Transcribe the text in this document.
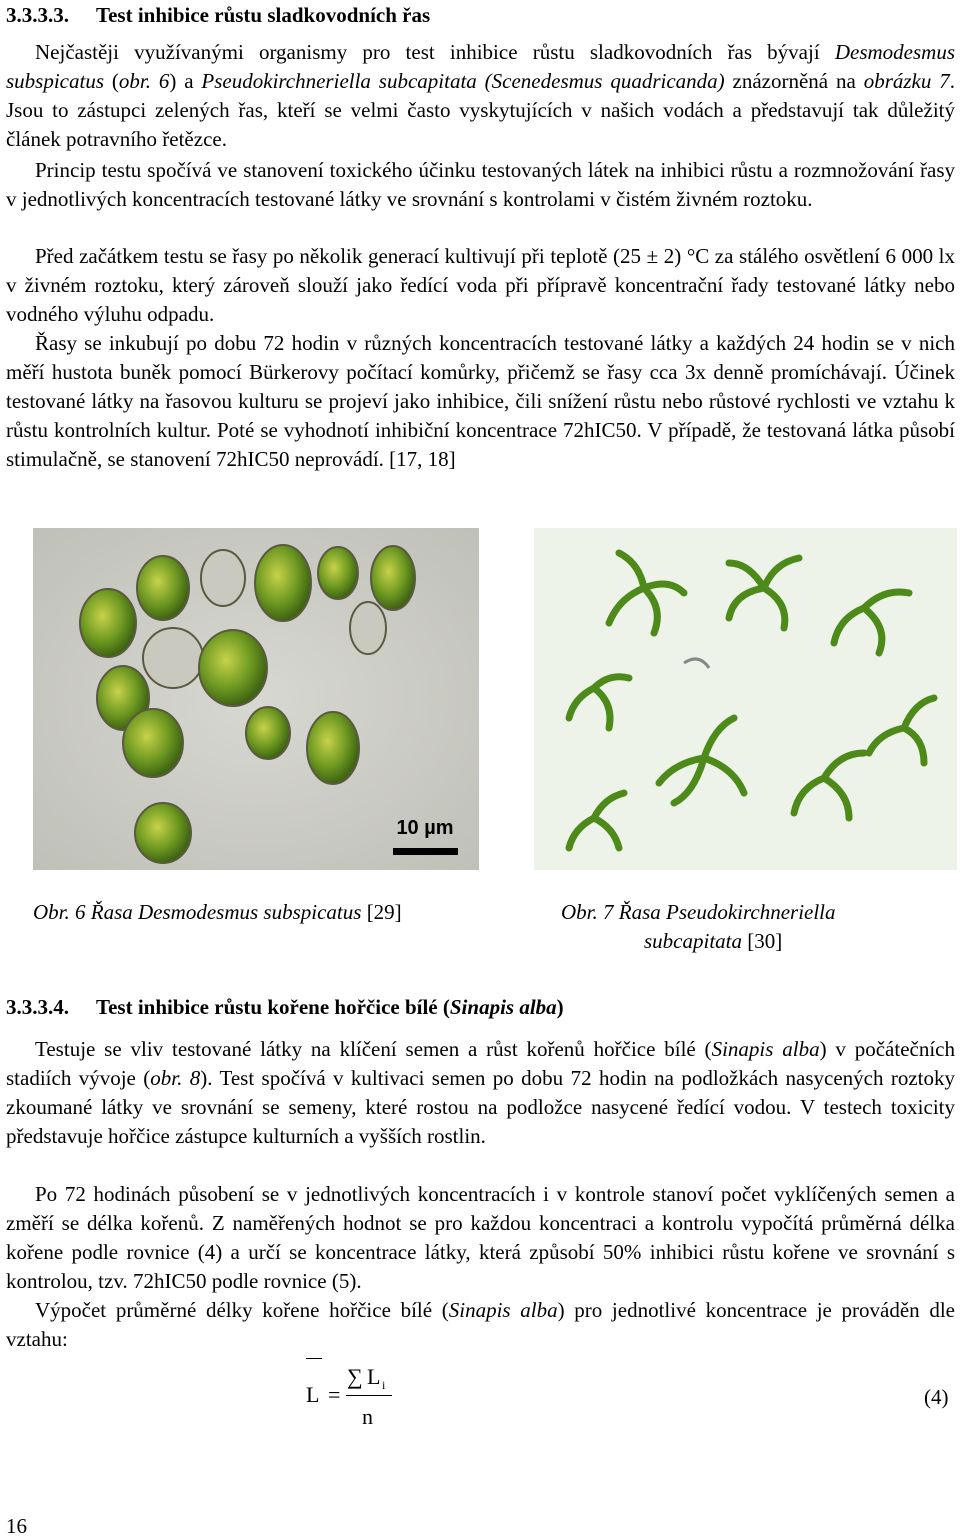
3.3.3.3. Test inhibice růstu sladkovodních řas

Nejčastěji využívanými organismy pro test inhibice růstu sladkovodních řas bývají Desmodesmus subspicatus (obr. 6) a Pseudokirchneriella subcapitata (Scenedesmus quadricanda) znázorněná na obrázku 7. Jsou to zástupci zelených řas, kteří se velmi často vyskytujících v našich vodách a představují tak důležitý článek potravního řetězce.

Princip testu spočívá ve stanovení toxického účinku testovaných látek na inhibici růstu a rozmnožování řasy v jednotlivých koncentracích testované látky ve srovnání s kontrolami v čistém živném roztoku.

Před začátkem testu se řasy po několik generací kultivují při teplotě (25 ± 2) °C za stálého osvětlení 6 000 lx v živném roztoku, který zároveň slouží jako ředící voda při přípravě koncentrační řady testované látky nebo vodného výluhu odpadu.

Řasy se inkubují po dobu 72 hodin v různých koncentracích testované látky a každých 24 hodin se v nich měří hustota buněk pomocí Bürkerovy počítací komůrky, přičemž se řasy cca 3x denně promíchávají. Účinek testované látky na řasovou kulturu se projeví jako inhibice, čili snížení růstu nebo růstové rychlosti ve vztahu k růstu kontrolních kultur. Poté se vyhodnotí inhibiční koncentrace 72hIC50. V případě, že testovaná látka působí stimulačně, se stanovení 72hIC50 neprovádí. [17, 18]

10 µm
Obr. 6 Řasa Desmodesmus subspicatus [29]	Obr. 7 Řasa Pseudokirchneriella
subcapitata [30]
3.3.3.4. Test inhibice růstu kořene hořčice bílé (Sinapis alba)

Testuje se vliv testované látky na klíčení semen a růst kořenů hořčice bílé (Sinapis alba) v počátečních stadiích vývoje (obr. 8). Test spočívá v kultivaci semen po dobu 72 hodin na podložkách nasycených roztoky zkoumané látky ve srovnání se semeny, které rostou na podložce nasycené ředící vodou. V testech toxicity představuje hořčice zástupce kulturních a vyšších rostlin.

Po 72 hodinách působení se v jednotlivých koncentracích i v kontrole stanoví počet vyklíčených semen a změří se délka kořenů. Z naměřených hodnot se pro každou koncentraci a kontrolu vypočítá průměrná délka kořene podle rovnice (4) a určí se koncentrace látky, která způsobí 50% inhibici růstu kořene ve srovnání s kontrolou, tzv. 72hIC50 podle rovnice (5).

Výpočet průměrné délky kořene hořčice bílé (Sinapis alba) pro jednotlivé koncentrace je prováděn dle vztahu:

L =
∑ L i
n
(4)
16
